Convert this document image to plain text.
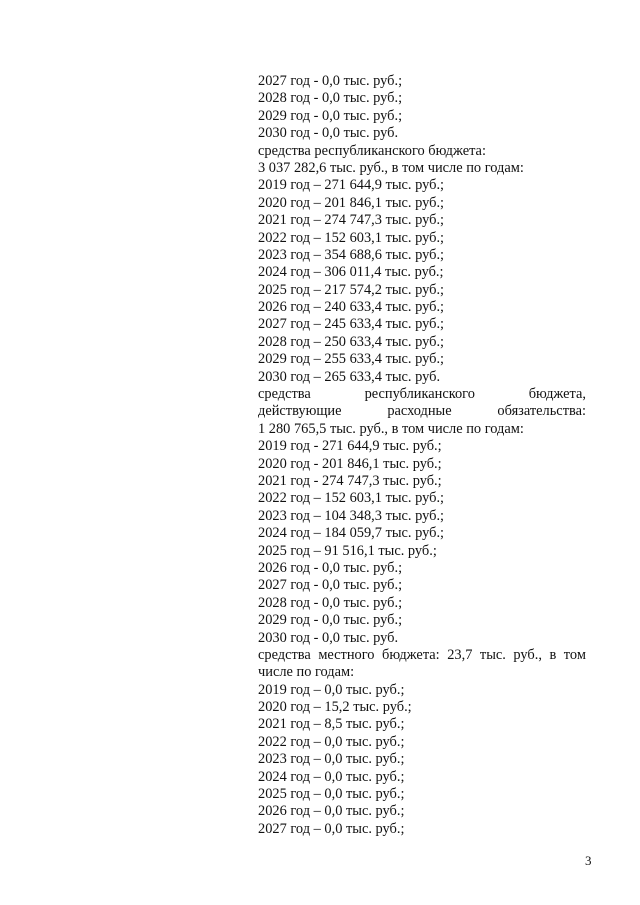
2027 год - 0,0 тыс. руб.;
2028 год - 0,0 тыс. руб.;
2029 год - 0,0 тыс. руб.;
2030 год - 0,0 тыс. руб.
средства республиканского бюджета:
3 037 282,6 тыс. руб., в том числе по годам:
2019 год – 271 644,9 тыс. руб.;
2020 год – 201 846,1 тыс. руб.;
2021 год – 274 747,3 тыс. руб.;
2022 год – 152 603,1 тыс. руб.;
2023 год – 354 688,6 тыс. руб.;
2024 год – 306 011,4 тыс. руб.;
2025 год – 217 574,2 тыс. руб.;
2026 год – 240 633,4 тыс. руб.;
2027 год – 245 633,4 тыс. руб.;
2028 год – 250 633,4 тыс. руб.;
2029 год – 255 633,4 тыс. руб.;
2030 год – 265 633,4 тыс. руб.
средства	республиканского	бюджета,
действующие	расходные	обязательства:
1 280 765,5 тыс. руб., в том числе по годам:
2019 год - 271 644,9 тыс. руб.;
2020 год - 201 846,1 тыс. руб.;
2021 год - 274 747,3 тыс. руб.;
2022 год – 152 603,1 тыс. руб.;
2023 год – 104 348,3 тыс. руб.;
2024 год – 184 059,7 тыс. руб.;
2025 год – 91 516,1 тыс. руб.;
2026 год - 0,0 тыс. руб.;
2027 год - 0,0 тыс. руб.;
2028 год - 0,0 тыс. руб.;
2029 год - 0,0 тыс. руб.;
2030 год - 0,0 тыс. руб.
средства местного бюджета: 23,7 тыс. руб., в том
числе по годам:
2019 год – 0,0 тыс. руб.;
2020 год – 15,2 тыс. руб.;
2021 год – 8,5 тыс. руб.;
2022 год – 0,0 тыс. руб.;
2023 год – 0,0 тыс. руб.;
2024 год – 0,0 тыс. руб.;
2025 год – 0,0 тыс. руб.;
2026 год – 0,0 тыс. руб.;
2027 год – 0,0 тыс. руб.;
3
